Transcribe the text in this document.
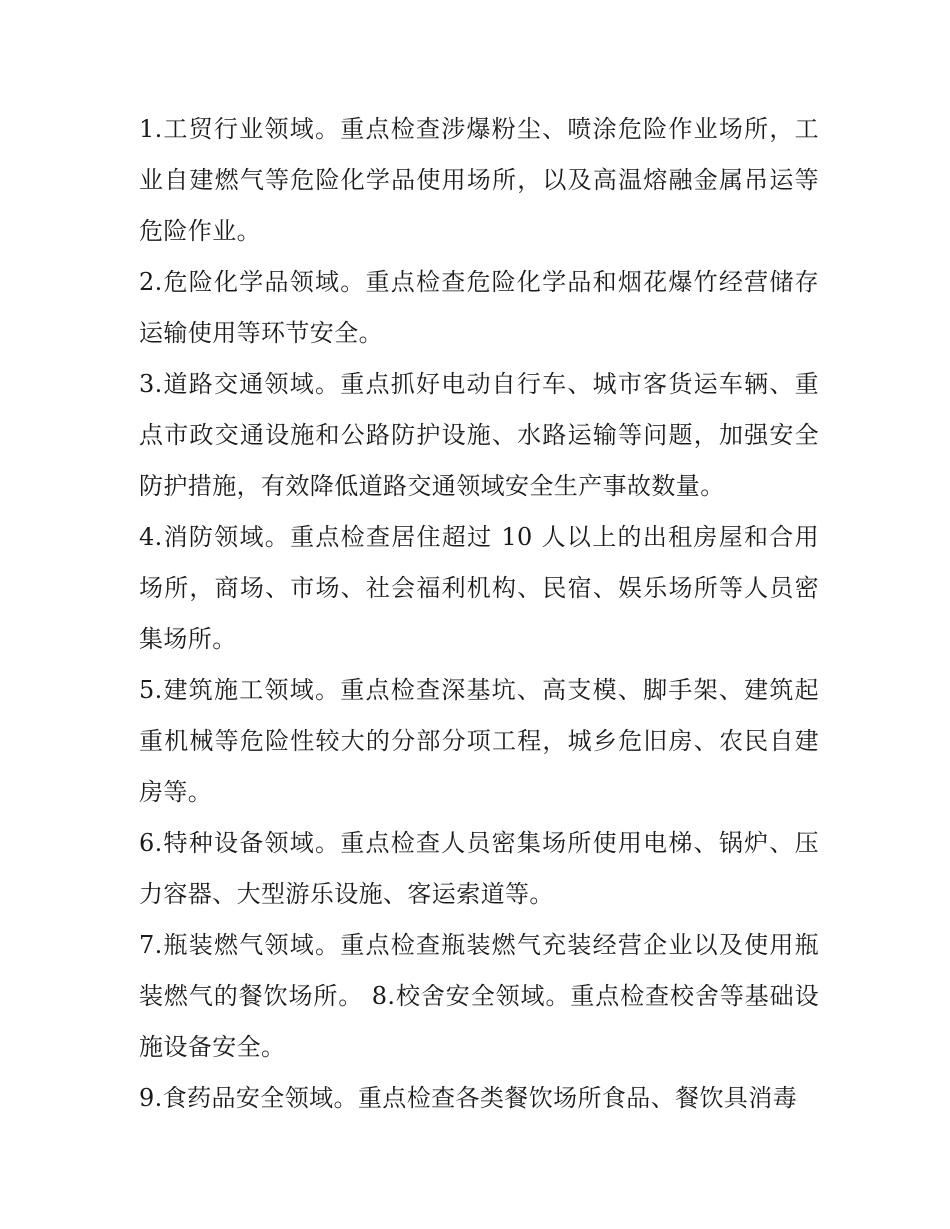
1.工贸行业领域。重点检查涉爆粉尘、喷涂危险作业场所，工业自建燃气等危险化学品使用场所，以及高温熔融金属吊运等危险作业。

2.危险化学品领域。重点检查危险化学品和烟花爆竹经营储存运输使用等环节安全。

3.道路交通领域。重点抓好电动自行车、城市客货运车辆、重点市政交通设施和公路防护设施、水路运输等问题，加强安全防护措施，有效降低道路交通领域安全生产事故数量。

4.消防领域。重点检查居住超过 10 人以上的出租房屋和合用场所，商场、市场、社会福利机构、民宿、娱乐场所等人员密集场所。

5.建筑施工领域。重点检查深基坑、高支模、脚手架、建筑起重机械等危险性较大的分部分项工程，城乡危旧房、农民自建房等。

6.特种设备领域。重点检查人员密集场所使用电梯、锅炉、压力容器、大型游乐设施、客运索道等。

7.瓶装燃气领域。重点检查瓶装燃气充装经营企业以及使用瓶装燃气的餐饮场所。 8.校舍安全领域。重点检查校舍等基础设施设备安全。

9.食药品安全领域。重点检查各类餐饮场所食品、餐饮具消毒
